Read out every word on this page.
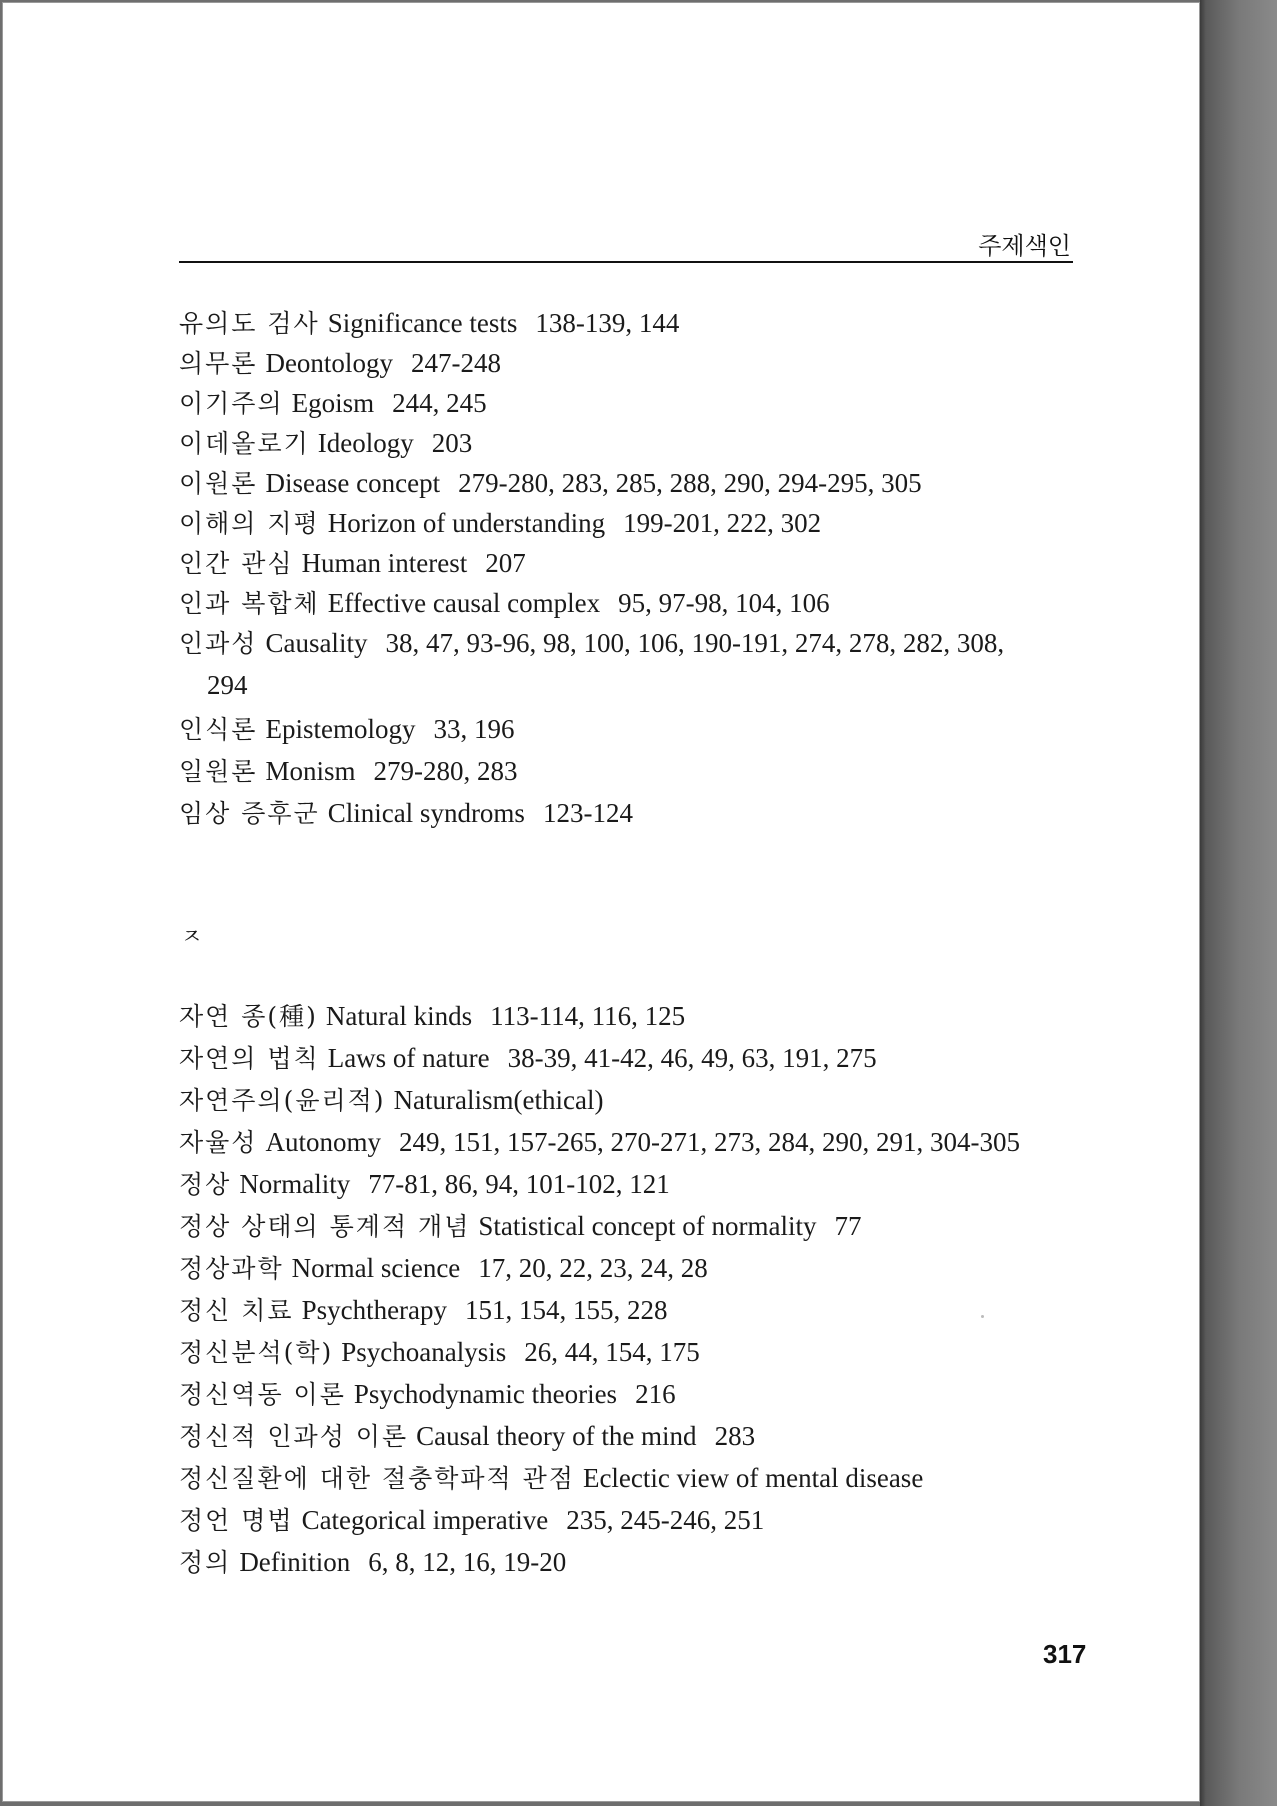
주제색인
유의도 검사 Significance tests 138-139, 144
의무론 Deontology 247-248
이기주의 Egoism 244, 245
이데올로기 Ideology 203
이원론 Disease concept 279-280, 283, 285, 288, 290, 294-295, 305
이해의 지평 Horizon of understanding 199-201, 222, 302
인간 관심 Human interest 207
인과 복합체 Effective causal complex 95, 97-98, 104, 106
인과성 Causality 38, 47, 93-96, 98, 100, 106, 190-191, 274, 278, 282, 308,
294
인식론 Epistemology 33, 196
일원론 Monism 279-280, 283
임상 증후군 Clinical syndroms 123-124
ㅈ
자연 종(種) Natural kinds 113-114, 116, 125
자연의 법칙 Laws of nature 38-39, 41-42, 46, 49, 63, 191, 275
자연주의(윤리적) Naturalism(ethical)
자율성 Autonomy 249, 151, 157-265, 270-271, 273, 284, 290, 291, 304-305
정상 Normality 77-81, 86, 94, 101-102, 121
정상 상태의 통계적 개념 Statistical concept of normality 77
정상과학 Normal science 17, 20, 22, 23, 24, 28
정신 치료 Psychtherapy 151, 154, 155, 228
정신분석(학) Psychoanalysis 26, 44, 154, 175
정신역동 이론 Psychodynamic theories 216
정신적 인과성 이론 Causal theory of the mind 283
정신질환에 대한 절충학파적 관점 Eclectic view of mental disease
정언 명법 Categorical imperative 235, 245-246, 251
정의 Definition 6, 8, 12, 16, 19-20
317
